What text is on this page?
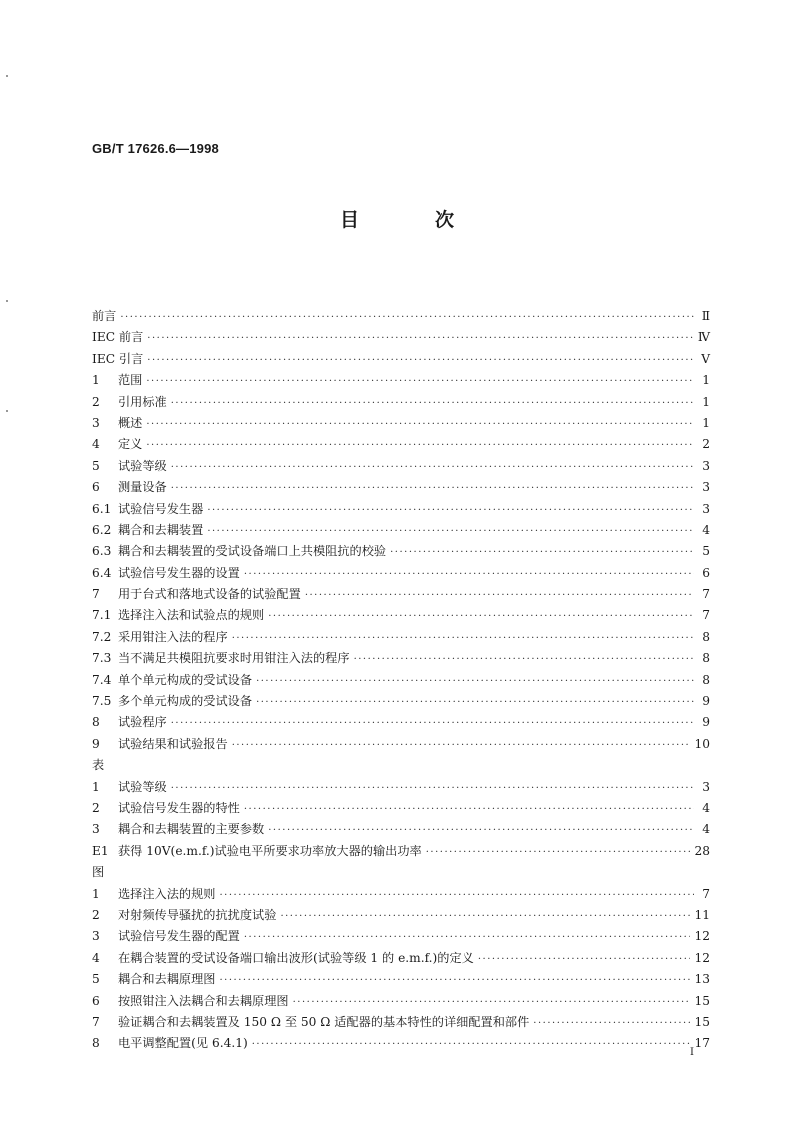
GB/T 17626.6—1998
目	次
前言 ·····	Ⅱ
IEC 前言 ·····	Ⅳ
IEC 引言 ·····	Ⅴ
1	范围 ·····	1
2	引用标准 ·····	1
3	概述 ·····	1
4	定义 ·····	2
5	试验等级 ·····	3
6	测量设备 ·····	3
6.1 试验信号发生器 ·····	3
6.2 耦合和去耦装置 ·····	4
6.3 耦合和去耦装置的受试设备端口上共模阻抗的校验 ·····	5
6.4 试验信号发生器的设置 ·····	6
7	用于台式和落地式设备的试验配置 ·····	7
7.1 选择注入法和试验点的规则 ·····	7
7.2 采用钳注入法的程序 ·····	8
7.3 当不满足共模阻抗要求时用钳注入法的程序 ·····	8
7.4 单个单元构成的受试设备 ·····	8
7.5 多个单元构成的受试设备 ·····	9
8	试验程序 ·····	9
9	试验结果和试验报告 ·····	10
表
1	试验等级 ·····	3
2	试验信号发生器的特性 ·····	4
3	耦合和去耦装置的主要参数 ·····	4
E1 获得 10V(e.m.f.)试验电平所要求功率放大器的输出功率 ·····	28
图
1	选择注入法的规则 ·····	7
2	对射频传导骚扰的抗扰度试验 ·····	11
3	试验信号发生器的配置 ·····	12
4	在耦合装置的受试设备端口输出波形(试验等级 1 的 e.m.f.)的定义 ·····	12
5	耦合和去耦原理图 ·····	13
6	按照钳注入法耦合和去耦原理图 ·····	15
7	验证耦合和去耦装置及 150 Ω 至 50 Ω 适配器的基本特性的详细配置和部件 ·····	15
8	电平调整配置(见 6.4.1) ·····	17
I
